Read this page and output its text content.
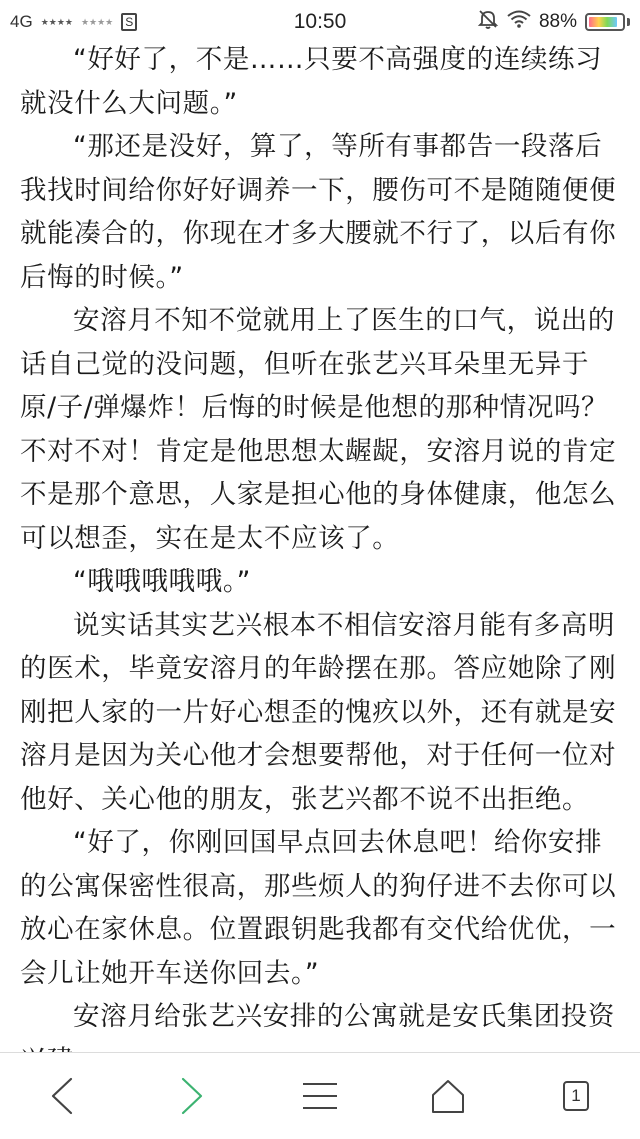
4G ★★★★ ★★★★ S	10:50	88%

“好好了，不是……只要不高强度的连续练习就没什么大问题。”

“那还是没好，算了，等所有事都告一段落后我找时间给你好好调养一下，腰伤可不是随随便便就能凑合的，你现在才多大腰就不行了，以后有你后悔的时候。”

安溶月不知不觉就用上了医生的口气，说出的话自己觉的没问题，但听在张艺兴耳朵里无异于原/子/弹爆炸！后悔的时候是他想的那种情况吗？不对不对！肯定是他思想太龌龊，安溶月说的肯定不是那个意思，人家是担心他的身体健康，他怎么可以想歪，实在是太不应该了。

“哦哦哦哦哦。”

说实话其实艺兴根本不相信安溶月能有多高明的医术，毕竟安溶月的年龄摆在那。答应她除了刚刚把人家的一片好心想歪的愧疚以外，还有就是安溶月是因为关心他才会想要帮他，对于任何一位对他好、关心他的朋友，张艺兴都不说不出拒绝。

“好了，你刚回国早点回去休息吧！给你安排的公寓保密性很高，那些烦人的狗仔进不去你可以放心在家休息。位置跟钥匙我都有交代给优优，一会儿让她开车送你回去。”

安溶月给张艺兴安排的公寓就是安氏集团投资

1
